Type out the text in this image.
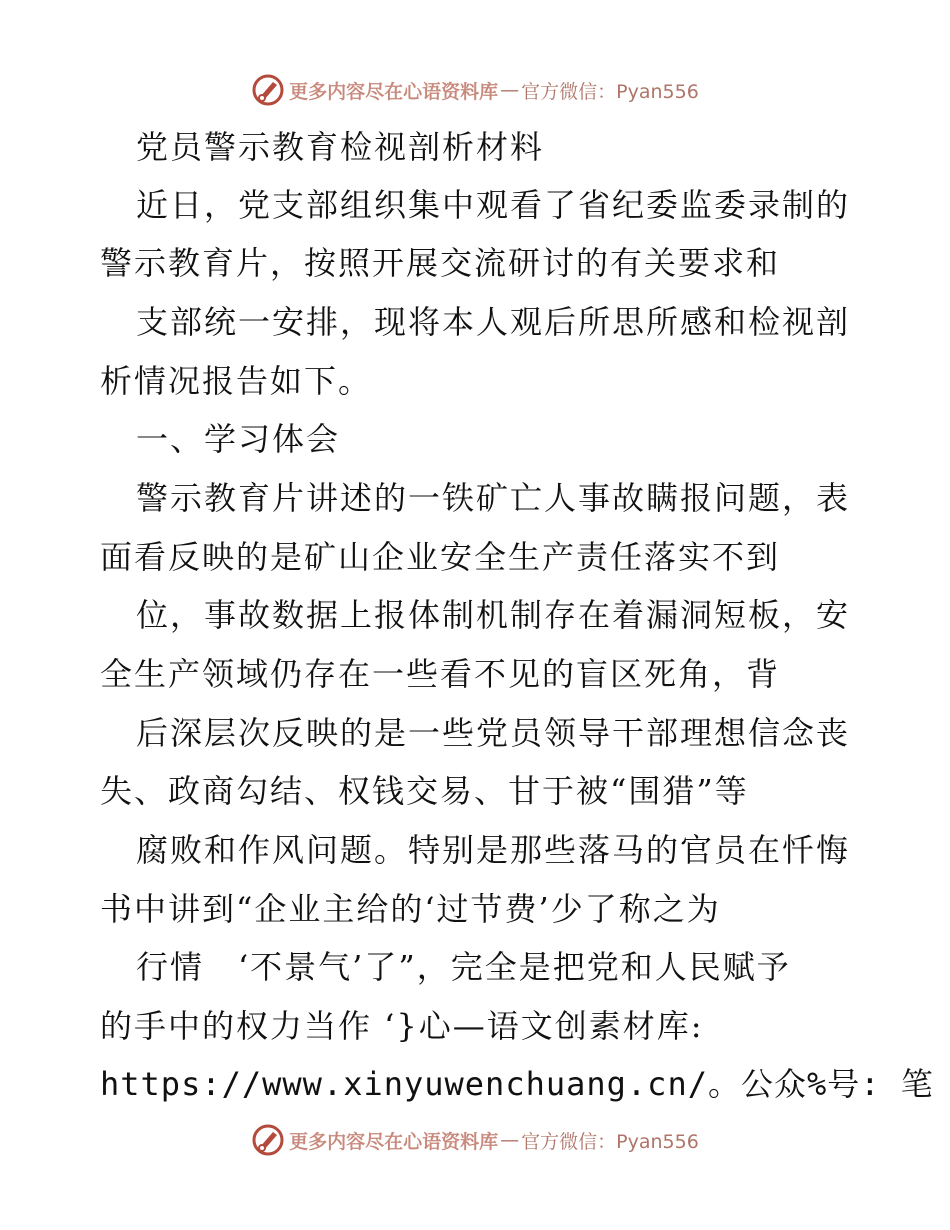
更多内容尽在心语资料库 — 官方微信：Pyan556
党员警示教育检视剖析材料
近日，党支部组织集中观看了省纪委监委录制的
警示教育片，按照开展交流研讨的有关要求和
支部统一安排，现将本人观后所思所感和检视剖
析情况报告如下。
一、学习体会
警示教育片讲述的一铁矿亡人事故瞒报问题，表
面看反映的是矿山企业安全生产责任落实不到
位，事故数据上报体制机制存在着漏洞短板，安
全生产领域仍存在一些看不见的盲区死角，背
后深层次反映的是一些党员领导干部理想信念丧
失、政商勾结、权钱交易、甘于被“围猎”等
腐败和作风问题。特别是那些落马的官员在忏悔
书中讲到“企业主给的‘过节费’少了称之为
行情　‘不景气’了”，完全是把党和人民赋予
的手中的权力当作 ‘}心—语文创素材库:
https://www.xinyuwenchuang.cn/。公众%号: 笔
更多内容尽在心语资料库 — 官方微信：Pyan556
